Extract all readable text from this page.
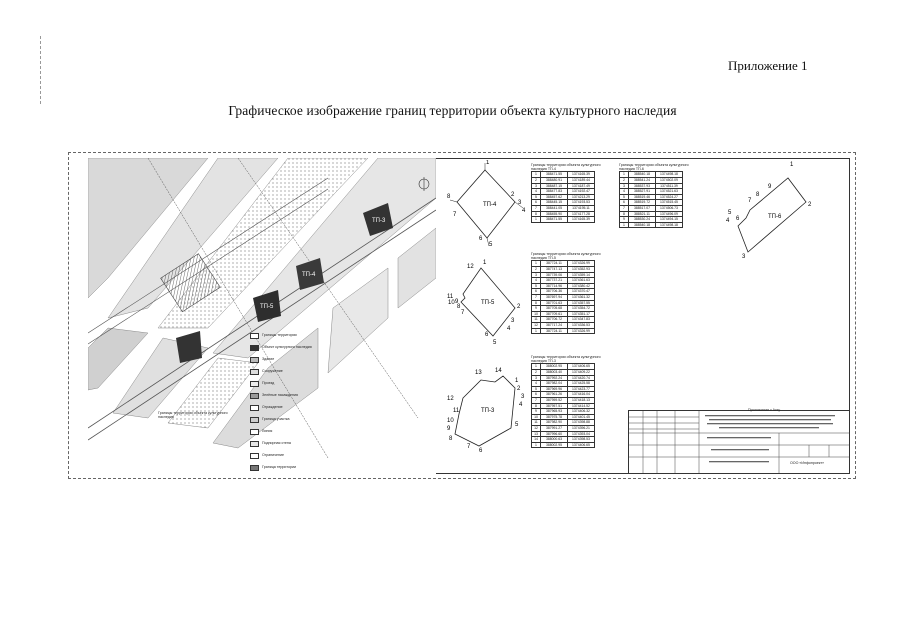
Приложение 1
Графическое изображение границ территории объекта культурного наследия
ТП-3
ТП-4
ТП-5
Границы территории
Объект культурного наследия
Здание
Сооружение
Проезд
Зелёные насаждения
Ограждение
Граница участка
Линия
Подпорная стена
Ограничение
Граница территории
Границы территории объекта культурного наследия
ТП-4
1
2
3
4
5
6
7
8
ТП-5
1
2
3
4
5
6
7
8
9
10
11
12
ТП-3
1
2
3
4
5
6
7
8
9
10
11
12
13 14
ТП-6
1
2
3
4
5
6
7
8
9
Границы территории объекта культурного наследия ТП-4
1	388471.55	1374165.39
2	388480.91	1374189.44
3	388487.15	1374187.49
4	388477.83	1374192.47
5	388457.62	1374213.29
6	388445.15	1374193.53
7	388441.05	1374195.11
8	388455.90	1374177.28
1	388471.55	1374165.39
Границы территории объекта культурного наследия ТП-5
1	387724.11	1374326.99
2	387747.13	1374352.93
3	387739.06	1374359.14
4	387737.21	1374361.63
5	387714.96	1374380.42
6	387706.36	1374370.47
7	387697.94	1374361.32
8	387701.63	1374357.55
9	387705.68	1374354.72
10	387709.61	1374351.17
11	387706.72	1374347.83
12	387717.24	1374336.53
1	387724.11	1374326.99
Границы территории объекта культурного наследия ТП-3
1	388002.95	1374406.65
2	388003.40	1374409.22
3	387992.24	1374420.74
4	387982.04	1374425.58
5	387969.96	1374423.77
6	387961.26	1374416.04
7	387959.52	1374418.13
8	387957.51	1374414.52
9	387965.93	1374406.32
10	387975.78	1374401.45
11	387982.90	1374398.88
12	387991.27	1374396.21
13	387996.60	1374393.04
14	388000.63	1374398.53
1	388002.95	1374406.65
Границы территории объекта культурного наследия ТП-6
1	388540.18	1374498.18
2	388541.24	1374502.09
3	388537.93	1374511.39
4	388527.91	1374521.63
5	388519.46	1374524.27
6	388519.72	1374515.45
7	388517.07	1374506.73
8	388521.11	1374496.09
9	388530.24	1374494.15
1	388540.18	1374498.18
Приложение к Акту
ООО «Инфопроект»
